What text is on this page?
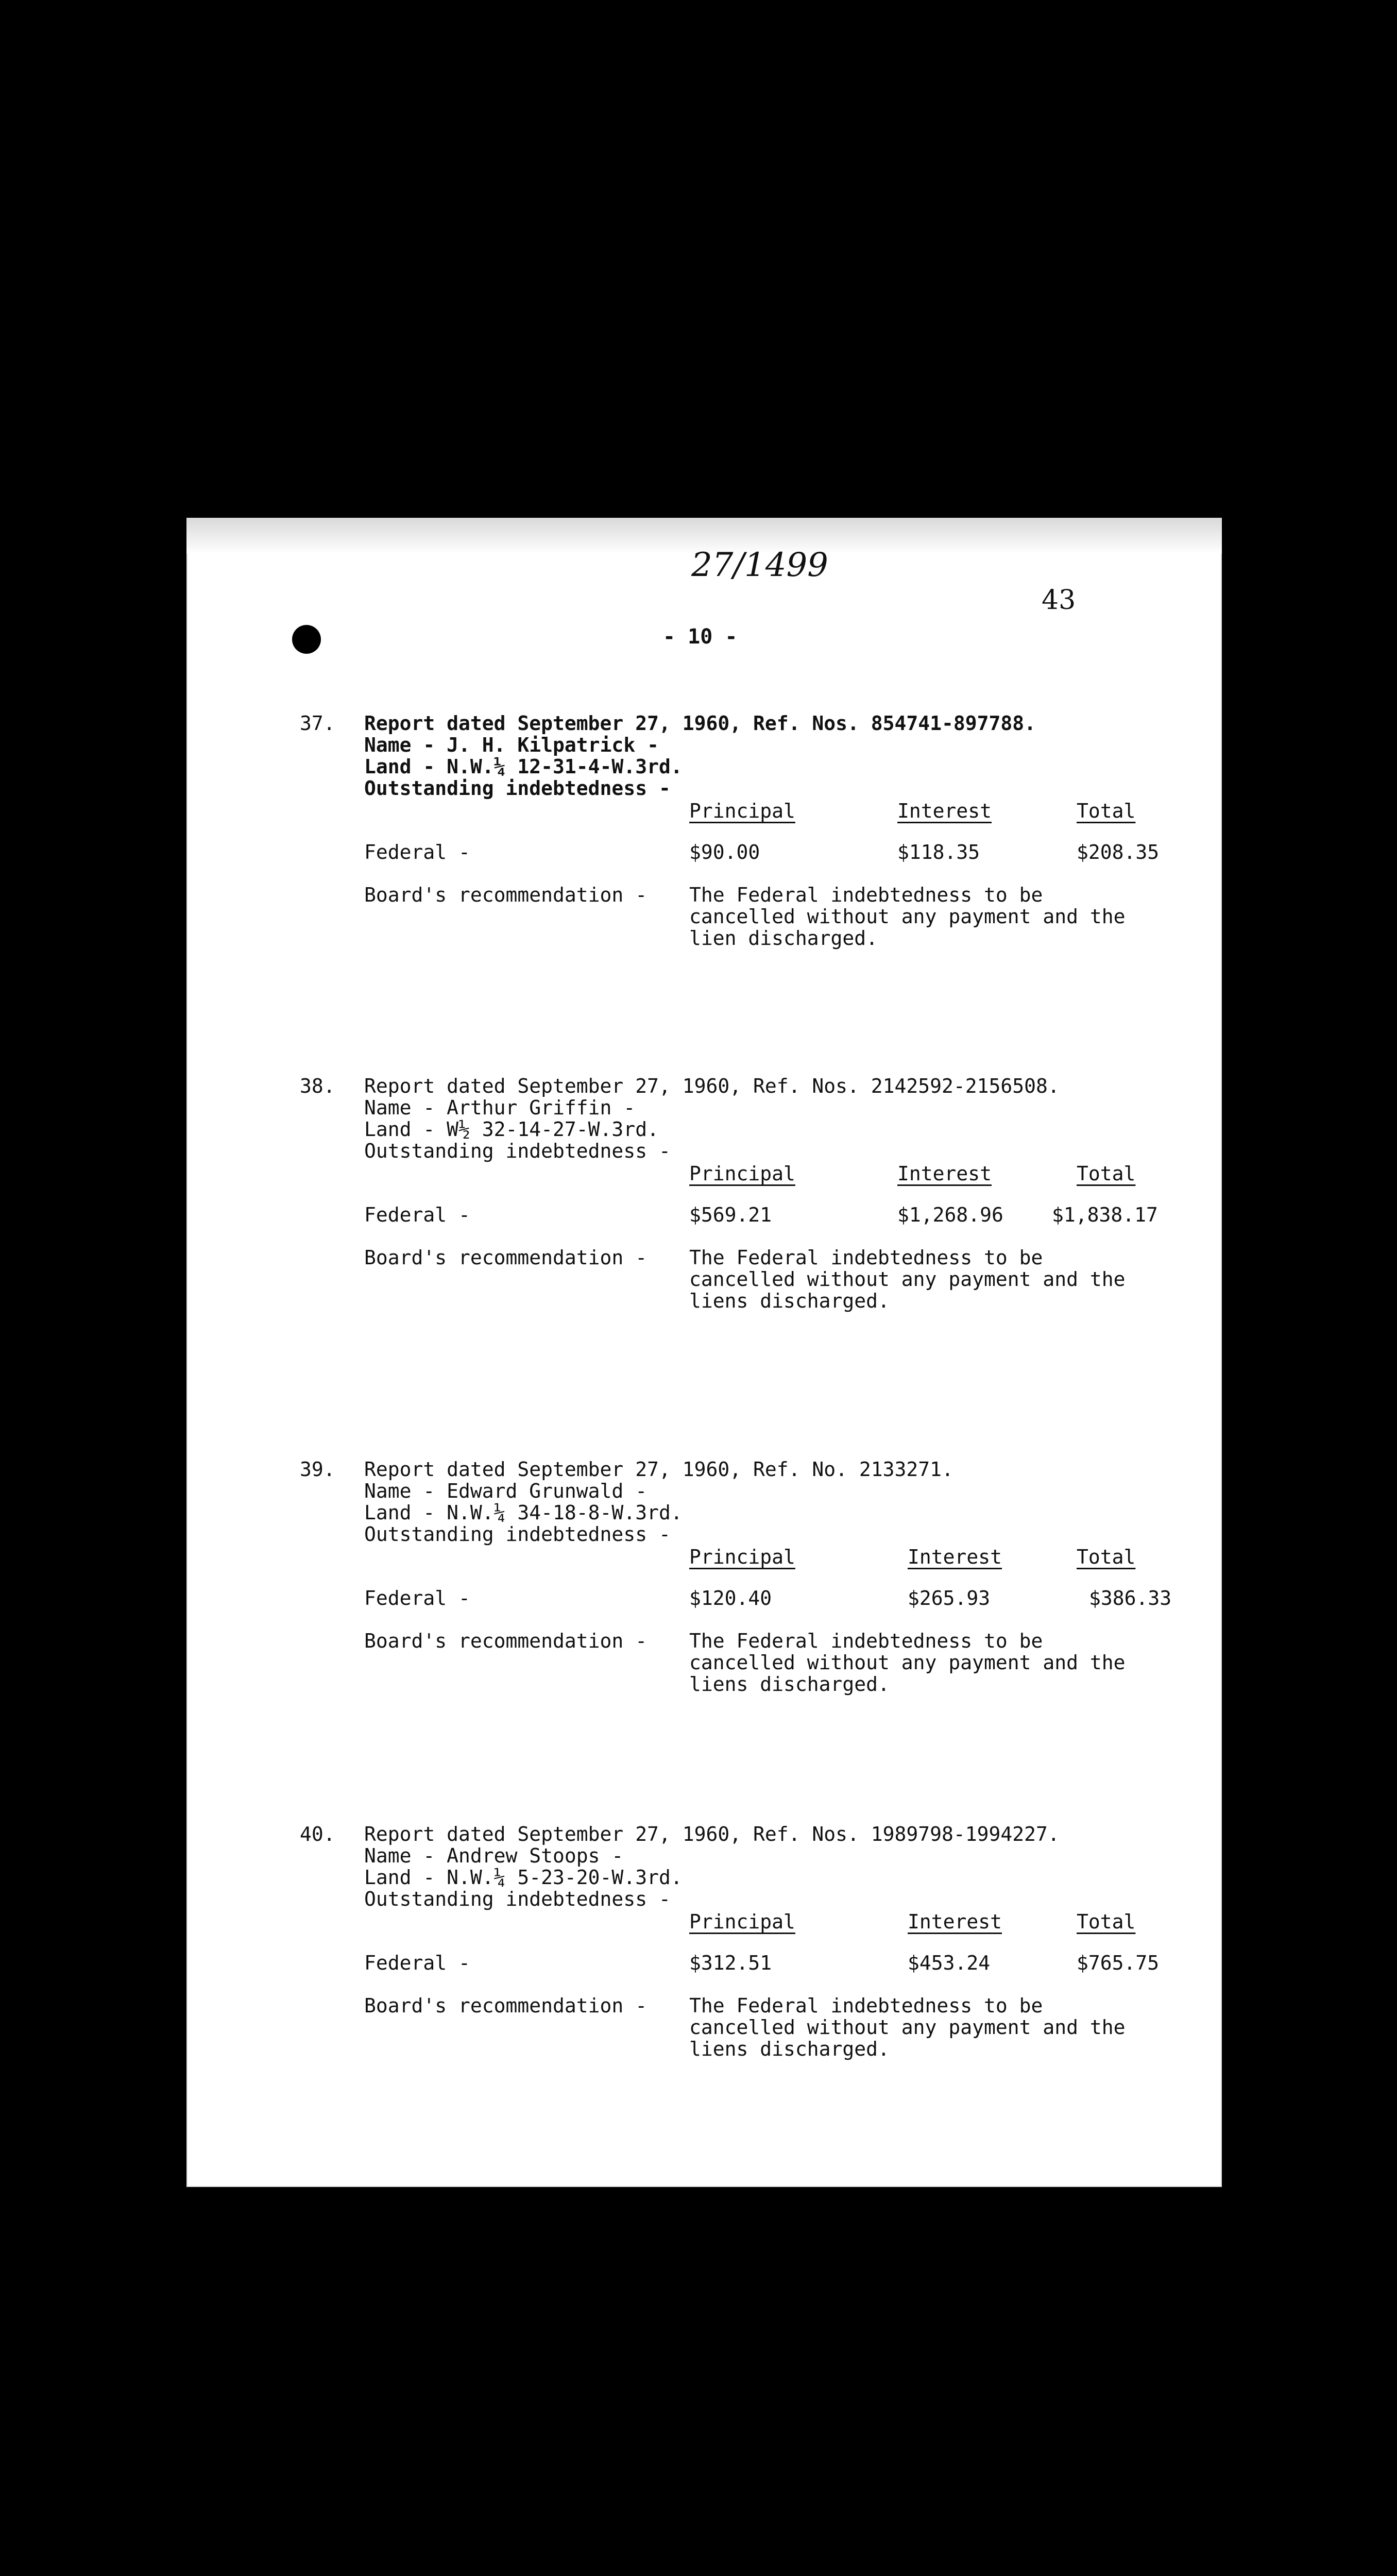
27/1499
43
- 10 -
37. Report dated September 27, 1960, Ref. Nos. 854741-897788.
Name - J. H. Kilpatrick -
Land - N.W.¼ 12-31-4-W.3rd.
Outstanding indebtedness -
Principal	Interest	Total
Federal -	$90.00	$118.35	$208.35
Board's recommendation - The Federal indebtedness to be
cancelled without any payment and the
lien discharged.
38. Report dated September 27, 1960, Ref. Nos. 2142592-2156508.
Name - Arthur Griffin -
Land - W½ 32-14-27-W.3rd.
Outstanding indebtedness -
Principal	Interest	Total
Federal -	$569.21	$1,268.96 $1,838.17
Board's recommendation - The Federal indebtedness to be
cancelled without any payment and the
liens discharged.
39. Report dated September 27, 1960, Ref. No. 2133271.
Name - Edward Grunwald -
Land - N.W.¼ 34-18-8-W.3rd.
Outstanding indebtedness -
Principal	Interest	Total
Federal -	$120.40	$265.93	$386.33
Board's recommendation - The Federal indebtedness to be
cancelled without any payment and the
liens discharged.
40. Report dated September 27, 1960, Ref. Nos. 1989798-1994227.
Name - Andrew Stoops -
Land - N.W.¼ 5-23-20-W.3rd.
Outstanding indebtedness -
Principal	Interest	Total
Federal -	$312.51	$453.24	$765.75
Board's recommendation - The Federal indebtedness to be
cancelled without any payment and the
liens discharged.
